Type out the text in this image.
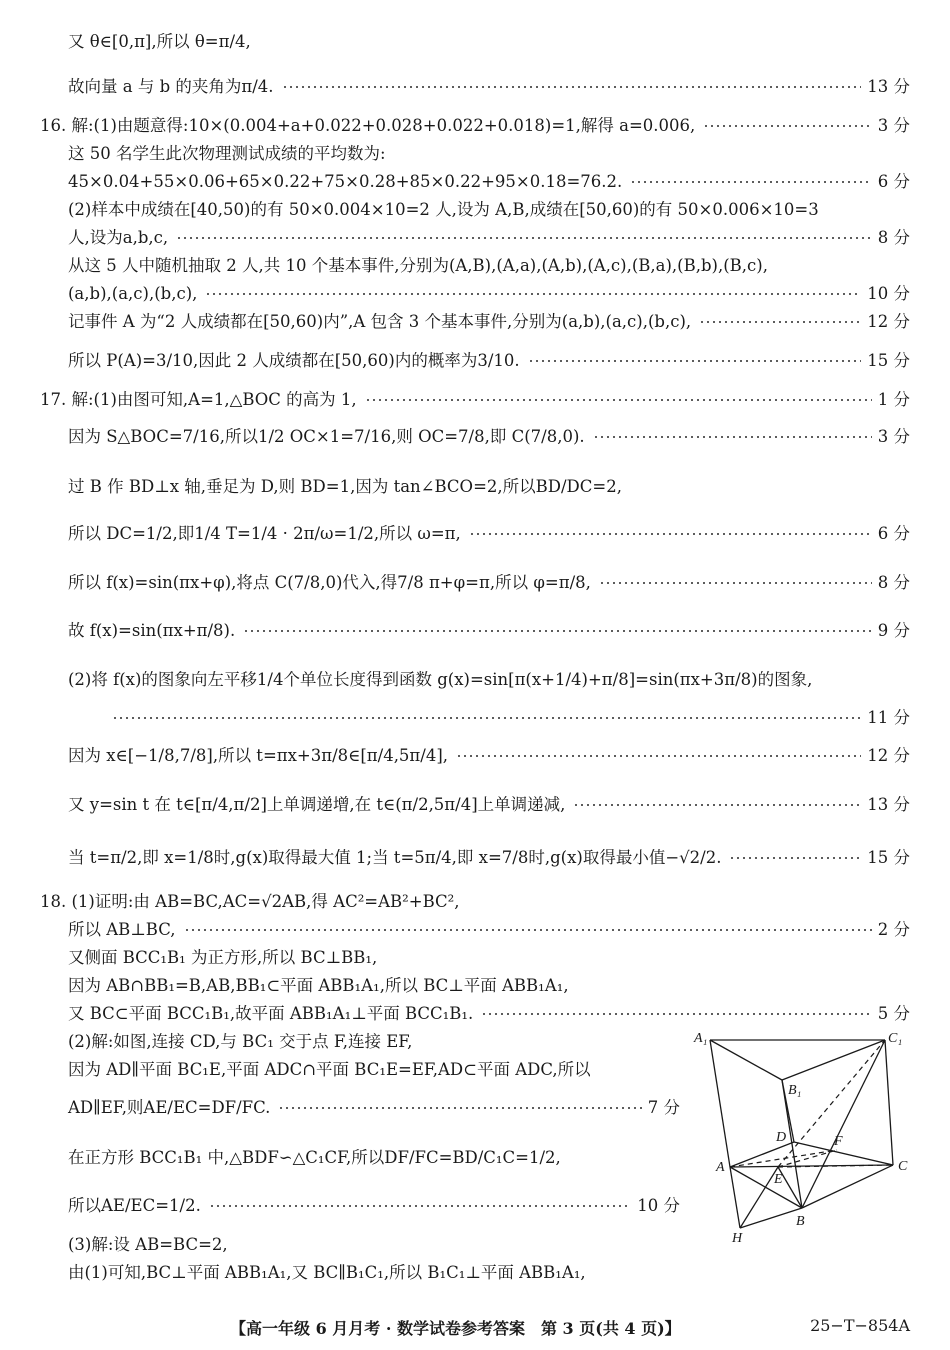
又 θ∈[0,π],所以 θ=π/4,
故向量 a 与 b 的夹角为π/4.	13 分
16. 解:(1)由题意得:10×(0.004+a+0.022+0.028+0.022+0.018)=1,解得 a=0.006,	3 分
这 50 名学生此次物理测试成绩的平均数为:
45×0.04+55×0.06+65×0.22+75×0.28+85×0.22+95×0.18=76.2.	6 分
(2)样本中成绩在[40,50)的有 50×0.004×10=2 人,设为 A,B,成绩在[50,60)的有 50×0.006×10=3
人,设为a,b,c,	8 分
从这 5 人中随机抽取 2 人,共 10 个基本事件,分别为(A,B),(A,a),(A,b),(A,c),(B,a),(B,b),(B,c),
(a,b),(a,c),(b,c),	10 分
记事件 A 为“2 人成绩都在[50,60)内”,A 包含 3 个基本事件,分别为(a,b),(a,c),(b,c),	12 分
所以 P(A)=3/10,因此 2 人成绩都在[50,60)内的概率为3/10.	15 分
17. 解:(1)由图可知,A=1,△BOC 的高为 1,	1 分
因为 S△BOC=7/16,所以1/2 OC×1=7/16,则 OC=7/8,即 C(7/8,0).	3 分
过 B 作 BD⊥x 轴,垂足为 D,则 BD=1,因为 tan∠BCO=2,所以BD/DC=2,
所以 DC=1/2,即1/4 T=1/4 · 2π/ω=1/2,所以 ω=π,	6 分
所以 f(x)=sin(πx+φ),将点 C(7/8,0)代入,得7/8 π+φ=π,所以 φ=π/8,	8 分
故 f(x)=sin(πx+π/8).	9 分
(2)将 f(x)的图象向左平移1/4个单位长度得到函数 g(x)=sin[π(x+1/4)+π/8]=sin(πx+3π/8)的图象,
11 分
因为 x∈[−1/8,7/8],所以 t=πx+3π/8∈[π/4,5π/4],	12 分
又 y=sin t 在 t∈[π/4,π/2]上单调递增,在 t∈(π/2,5π/4]上单调递减,	13 分
当 t=π/2,即 x=1/8时,g(x)取得最大值 1;当 t=5π/4,即 x=7/8时,g(x)取得最小值−√2/2.	15 分
18. (1)证明:由 AB=BC,AC=√2AB,得 AC²=AB²+BC²,
所以 AB⊥BC,	2 分
又侧面 BCC₁B₁ 为正方形,所以 BC⊥BB₁,
因为 AB∩BB₁=B,AB,BB₁⊂平面 ABB₁A₁,所以 BC⊥平面 ABB₁A₁,
又 BC⊂平面 BCC₁B₁,故平面 ABB₁A₁⊥平面 BCC₁B₁.	5 分
(2)解:如图,连接 CD,与 BC₁ 交于点 F,连接 EF,
因为 AD∥平面 BC₁E,平面 ADC∩平面 BC₁E=EF,AD⊂平面 ADC,所以
AD∥EF,则AE/EC=DF/FC.	7 分
在正方形 BCC₁B₁ 中,△BDF∽△C₁CF,所以DF/FC=BD/C₁C=1/2,
所以AE/EC=1/2.	10 分
(3)解:设 AB=BC=2,
由(1)可知,BC⊥平面 ABB₁A₁,又 BC∥B₁C₁,所以 B₁C₁⊥平面 ABB₁A₁,
A₁	C₁
B₁
D	F
A	C
E
B
H
【高一年级 6 月月考 · 数学试卷参考答案　第 3 页(共 4 页)】	25−T−854A
